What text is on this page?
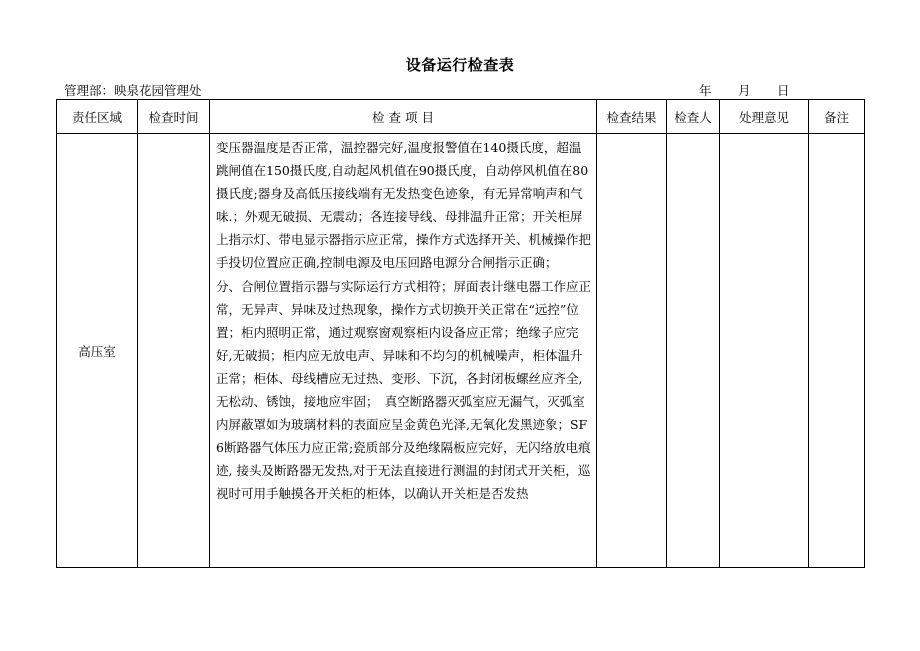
设备运行检查表
管理部：映泉花园管理处	年 月 日
责任区域	检查时间	检 查 项 目	检查结果	检查人	处理意见	备注
高压室		变压器温度是否正常，温控器完好,温度报警值在140摄氏度，超温跳闸值在150摄氏度,自动起风机值在90摄氏度，自动停风机值在80摄氏度;器身及高低压接线端有无发热变色迹象，有无异常响声和气味.；外观无破损、无震动；各连接导线、母排温升正常；开关柜屏上指示灯、带电显示器指示应正常，操作方式选择开关、机械操作把手投切位置应正确,控制电源及电压回路电源分合闸指示正确；　　分、合闸位置指示器与实际运行方式相符；屏面表计继电器工作应正常，无异声、异味及过热现象，操作方式切换开关正常在“远控”位置；柜内照明正常，通过观察窗观察柜内设备应正常；绝缘子应完好,无破损；柜内应无放电声、异味和不均匀的机械噪声，柜体温升正常；柜体、母线槽应无过热、变形、下沉，各封闭板螺丝应齐全,无松动、锈蚀，接地应牢固；　真空断路器灭弧室应无漏气，灭弧室内屏蔽罩如为玻璃材料的表面应呈金黄色光泽,无氧化发黑迹象；SF6断路器气体压力应正常;瓷质部分及绝缘隔板应完好，无闪络放电痕迹, 接头及断路器无发热,对于无法直接进行测温的封闭式开关柜，巡视时可用手触摸各开关柜的柜体，以确认开关柜是否发热				
